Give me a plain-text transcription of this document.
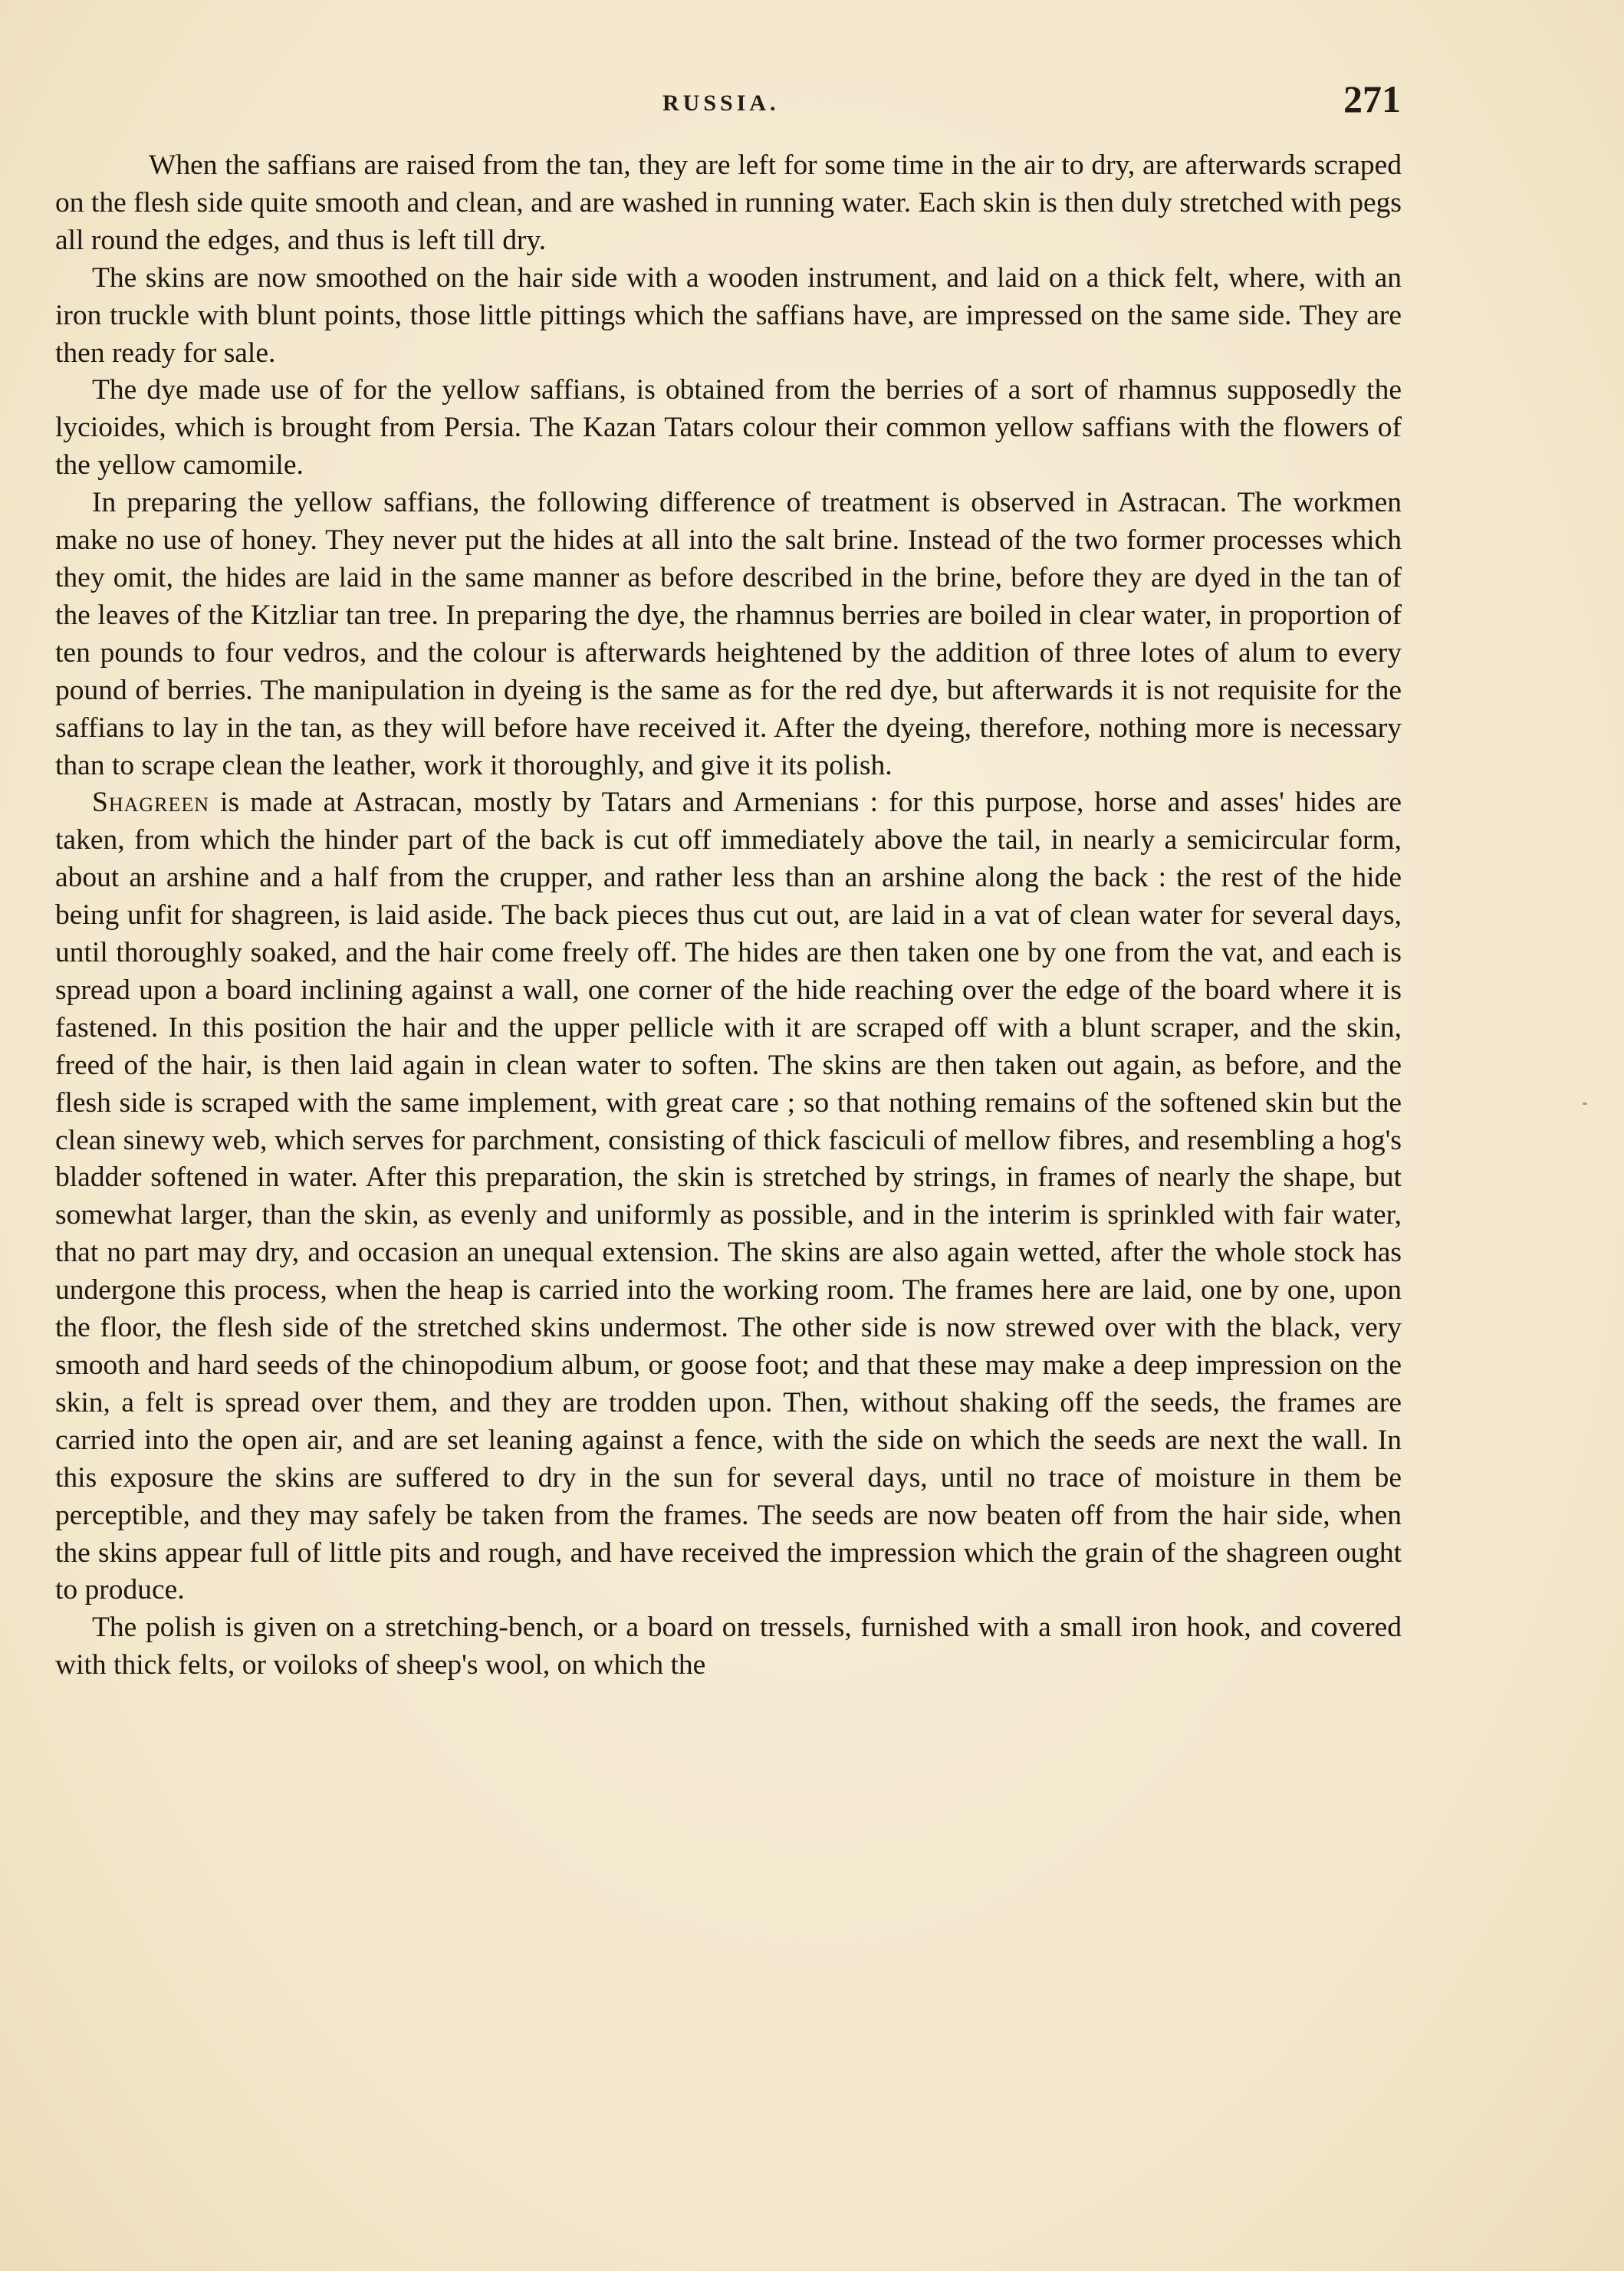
RUSSIA.	271

When the saffians are raised from the tan, they are left for some time in the air to dry, are afterwards scraped on the flesh side quite smooth and clean, and are washed in running water. Each skin is then duly stretched with pegs all round the edges, and thus is left till dry.

The skins are now smoothed on the hair side with a wooden instrument, and laid on a thick felt, where, with an iron truckle with blunt points, those little pittings which the saffians have, are impressed on the same side. They are then ready for sale.

The dye made use of for the yellow saffians, is obtained from the berries of a sort of rhamnus supposedly the lycioides, which is brought from Persia. The Kazan Tatars colour their common yellow saffians with the flowers of the yellow camomile.

In preparing the yellow saffians, the following difference of treatment is observed in Astracan. The workmen make no use of honey. They never put the hides at all into the salt brine. Instead of the two former processes which they omit, the hides are laid in the same manner as before described in the brine, before they are dyed in the tan of the leaves of the Kitzliar tan tree. In preparing the dye, the rhamnus berries are boiled in clear water, in proportion of ten pounds to four vedros, and the colour is afterwards heightened by the addition of three lotes of alum to every pound of berries. The manipulation in dyeing is the same as for the red dye, but afterwards it is not requisite for the saffians to lay in the tan, as they will before have received it. After the dyeing, therefore, nothing more is necessary than to scrape clean the leather, work it thoroughly, and give it its polish.

Shagreen is made at Astracan, mostly by Tatars and Armenians : for this purpose, horse and asses' hides are taken, from which the hinder part of the back is cut off immediately above the tail, in nearly a semicircular form, about an arshine and a half from the crupper, and rather less than an arshine along the back : the rest of the hide being unfit for shagreen, is laid aside. The back pieces thus cut out, are laid in a vat of clean water for several days, until thoroughly soaked, and the hair come freely off. The hides are then taken one by one from the vat, and each is spread upon a board inclining against a wall, one corner of the hide reaching over the edge of the board where it is fastened. In this position the hair and the upper pellicle with it are scraped off with a blunt scraper, and the skin, freed of the hair, is then laid again in clean water to soften. The skins are then taken out again, as before, and the flesh side is scraped with the same implement, with great care ; so that nothing remains of the softened skin but the clean sinewy web, which serves for parchment, consisting of thick fasciculi of mellow fibres, and resembling a hog's bladder softened in water. After this preparation, the skin is stretched by strings, in frames of nearly the shape, but somewhat larger, than the skin, as evenly and uniformly as possible, and in the interim is sprinkled with fair water, that no part may dry, and occasion an unequal extension. The skins are also again wetted, after the whole stock has undergone this process, when the heap is carried into the working room. The frames here are laid, one by one, upon the floor, the flesh side of the stretched skins undermost. The other side is now strewed over with the black, very smooth and hard seeds of the chinopodium album, or goose foot; and that these may make a deep impression on the skin, a felt is spread over them, and they are trodden upon. Then, without shaking off the seeds, the frames are carried into the open air, and are set leaning against a fence, with the side on which the seeds are next the wall. In this exposure the skins are suffered to dry in the sun for several days, until no trace of moisture in them be perceptible, and they may safely be taken from the frames. The seeds are now beaten off from the hair side, when the skins appear full of little pits and rough, and have received the impression which the grain of the shagreen ought to produce.

The polish is given on a stretching-bench, or a board on tressels, furnished with a small iron hook, and covered with thick felts, or voiloks of sheep's wool, on which the
